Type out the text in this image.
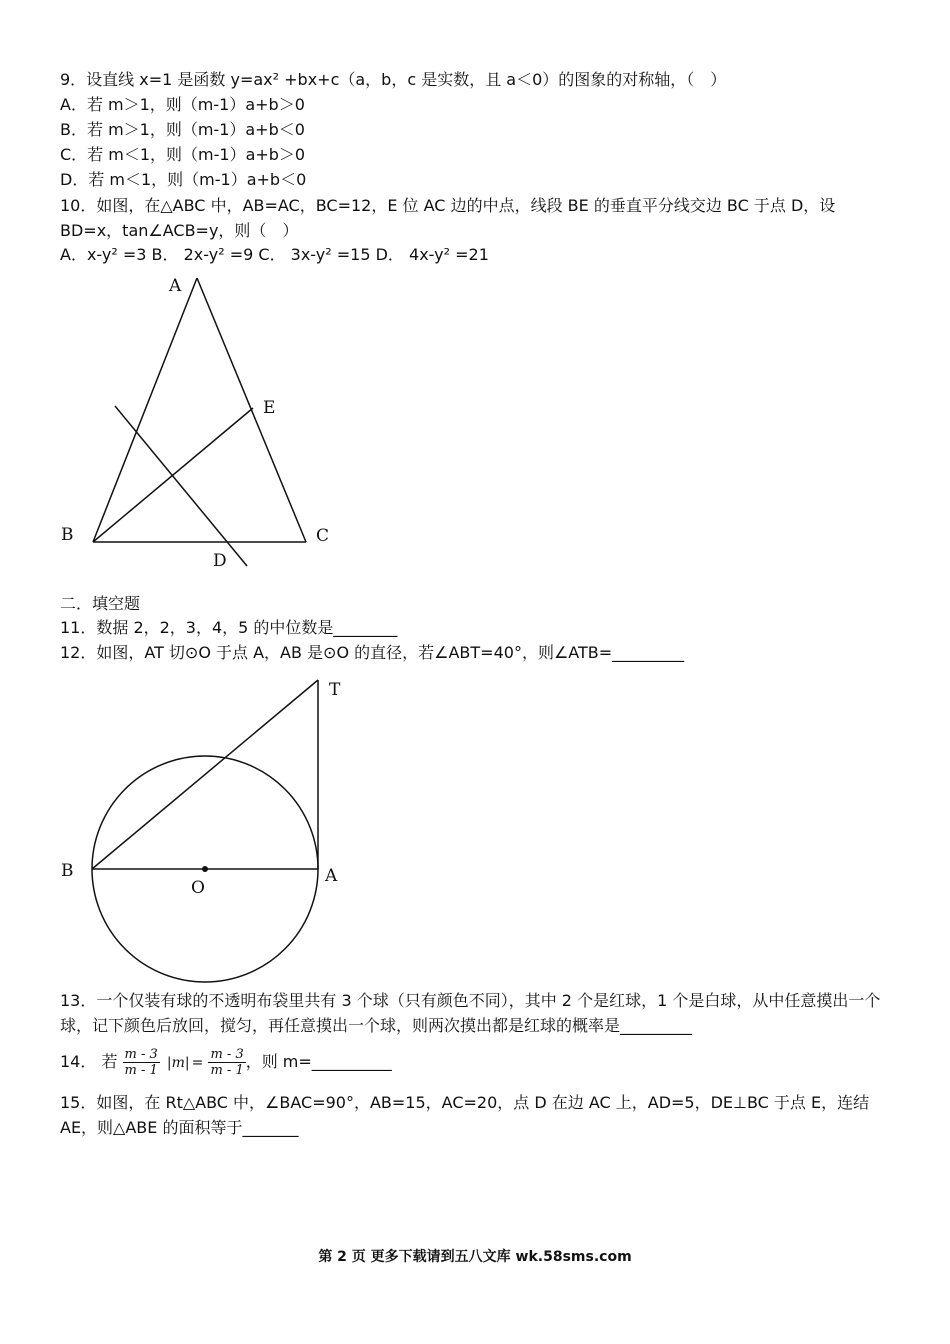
9．设直线 x=1 是函数 y=ax² +bx+c（a，b，c 是实数，且 a＜0）的图象的对称轴，（　）
A．若 m＞1，则（m-1）a+b＞0
B．若 m＞1，则（m-1）a+b＜0
C．若 m＜1，则（m-1）a+b＞0
D．若 m＜1，则（m-1）a+b＜0
10．如图，在△ABC 中，AB=AC，BC=12，E 位 AC 边的中点，线段 BE 的垂直平分线交边 BC 于点 D，设 BD=x，tan∠ACB=y，则（　）
A．x-y² =3 B． 2x-y² =9 C． 3x-y² =15 D． 4x-y² =21
A
E
B	C
D
二．填空题
11．数据 2，2，3，4，5 的中位数是________
12．如图，AT 切⊙O 于点 A，AB 是⊙O 的直径，若∠ABT=40°，则∠ATB=_________
T
B
O
A
13．一个仅装有球的不透明布袋里共有 3 个球（只有颜色不同），其中 2 个是红球，1 个是白球，从中任意摸出一个球，记下颜色后放回，搅匀，再任意摸出一个球，则两次摸出都是红球的概率是_________
14． 若 $\frac{m - 3}{m - 1} |m| = \frac{m - 3}{m - 1}$ ，则 m=__________
15．如图，在 Rt△ABC 中，∠BAC=90°，AB=15，AC=20，点 D 在边 AC 上，AD=5，DE⊥BC 于点 E，连结 AE，则△ABE 的面积等于_______
第 2 页 更多下载请到五八文库 wk.58sms.com
